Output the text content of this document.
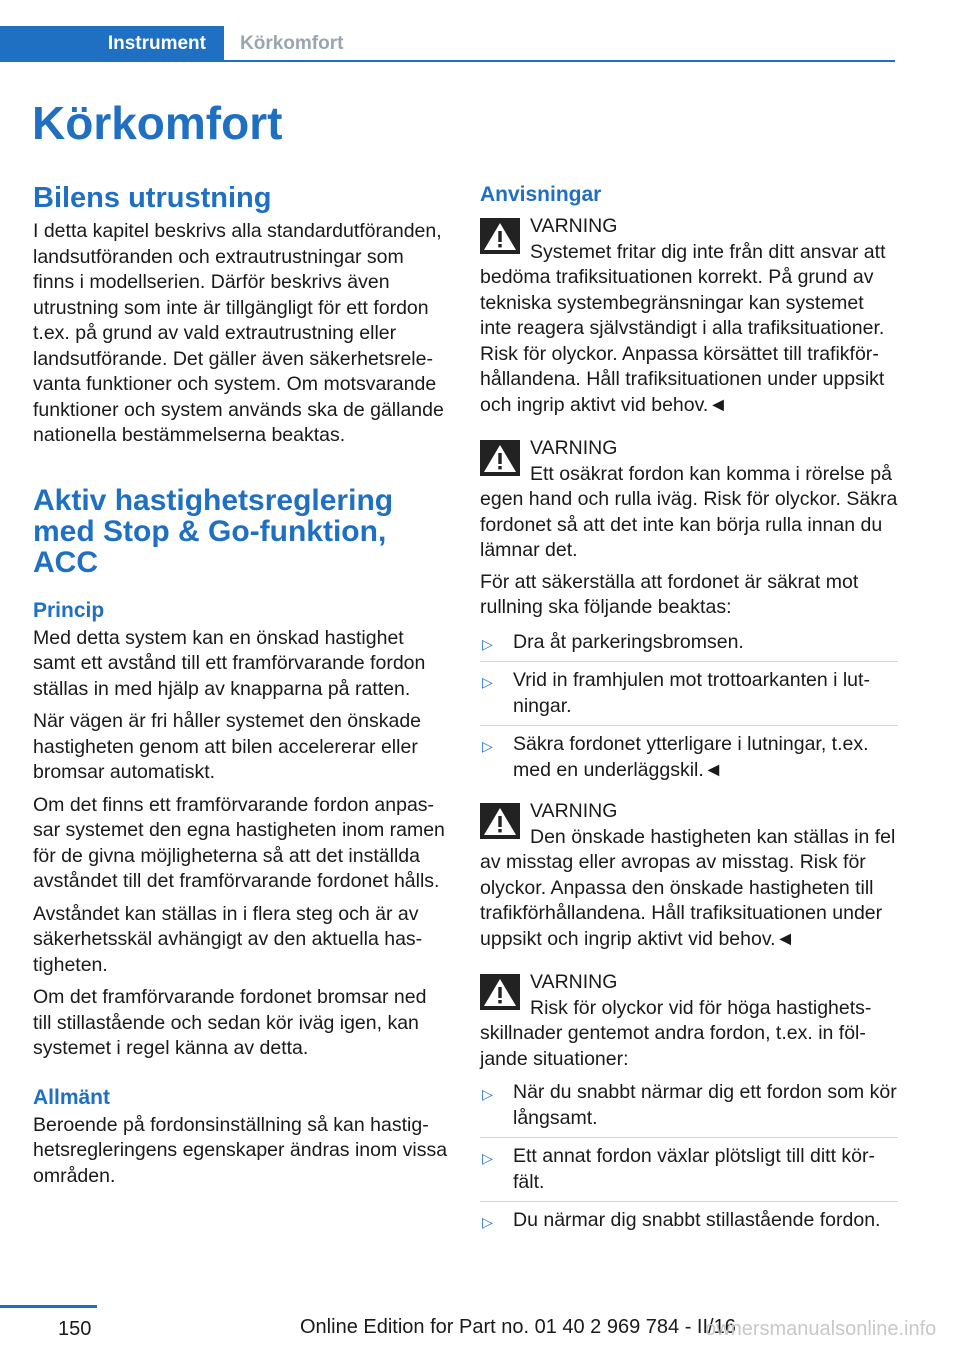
Instrument	Körkomfort
Körkomfort
Bilens utrustning

I detta kapitel beskrivs alla standardutföranden, landsutföranden och extrautrustningar som finns i modellserien. Därför beskrivs även utrustning som inte är tillgängligt för ett fordon t.ex. på grund av vald extrautrustning eller landsutförande. Det gäller även säkerhetsrelevanta funktioner och system. Om motsvarande funktioner och system används ska de gällande nationella bestämmelserna beaktas.

Aktiv hastighetsreglering med Stop & Go-funktion, ACC
Princip

Med detta system kan en önskad hastighet samt ett avstånd till ett framförvarande fordon ställas in med hjälp av knapparna på ratten.

När vägen är fri håller systemet den önskade hastigheten genom att bilen accelererar eller bromsar automatiskt.

Om det finns ett framförvarande fordon anpassar systemet den egna hastigheten inom ramen för de givna möjligheterna så att det inställda avståndet till det framförvarande fordonet hålls.

Avståndet kan ställas in i flera steg och är av säkerhetsskäl avhängigt av den aktuella hastigheten.

Om det framförvarande fordonet bromsar ned till stillastående och sedan kör iväg igen, kan systemet i regel känna av detta.

Allmänt

Beroende på fordonsinställning så kan hastighetsregleringens egenskaper ändras inom vissa områden.

Anvisningar
VARNING
Systemet fritar dig inte från ditt ansvar att bedöma trafiksituationen korrekt. På grund av tekniska systembegränsningar kan systemet inte reagera självständigt i alla trafiksituationer. Risk för olyckor. Anpassa körsättet till trafikförhållandena. Håll trafiksituationen under uppsikt och ingrip aktivt vid behov.◄
VARNING
Ett osäkrat fordon kan komma i rörelse på egen hand och rulla iväg. Risk för olyckor. Säkra fordonet så att det inte kan börja rulla innan du lämnar det.

För att säkerställa att fordonet är säkrat mot rullning ska följande beaktas:

▷ Dra åt parkeringsbromsen.
▷ Vrid in framhjulen mot trottoarkanten i lutningar.
▷ Säkra fordonet ytterligare i lutningar, t.ex. med en underläggskil.◄
VARNING
Den önskade hastigheten kan ställas in fel av misstag eller avropas av misstag. Risk för olyckor. Anpassa den önskade hastigheten till trafikförhållandena. Håll trafiksituationen under uppsikt och ingrip aktivt vid behov.◄
VARNING
Risk för olyckor vid för höga hastighetsskillnader gentemot andra fordon, t.ex. in följande situationer:
▷ När du snabbt närmar dig ett fordon som kör långsamt.
▷ Ett annat fordon växlar plötsligt till ditt körfält.
▷ Du närmar dig snabbt stillastående fordon.
150	Online Edition for Part no. 01 40 2 969 784 - II/16
ownersmanualsonline.info
